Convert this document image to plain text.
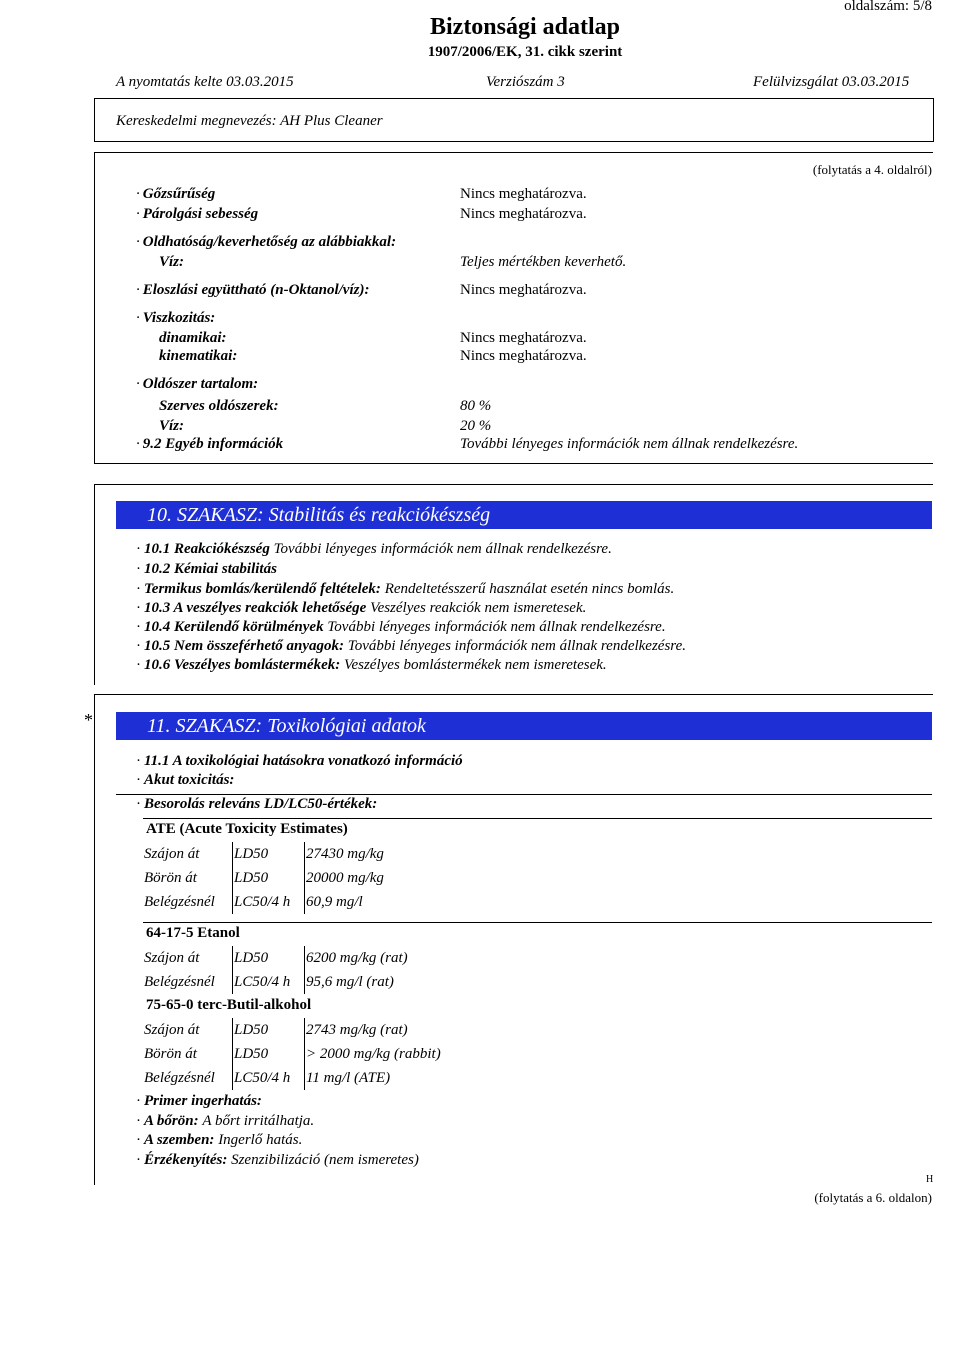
oldalszám: 5/8
Biztonsági adatlap
1907/2006/EK, 31. cikk szerint
A nyomtatás kelte 03.03.2015	Verziószám 3	Felülvizsgálat 03.03.2015
Kereskedelmi megnevezés: AH Plus Cleaner
(folytatás a 4. oldalról)
· Gőzsűrűség	Nincs meghatározva.
· Párolgási sebesség	Nincs meghatározva.
· Oldhatóság/keverhetőség az alábbiakkal:
Víz:	Teljes mértékben keverhető.
· Eloszlási együttható (n-Oktanol/víz):	Nincs meghatározva.
· Viszkozitás:
dinamikai:	Nincs meghatározva.
kinematikai:	Nincs meghatározva.
· Oldószer tartalom:
Szerves oldószerek:	80 %
Víz:	20 %
· 9.2 Egyéb információk	További lényeges információk nem állnak rendelkezésre.
10. SZAKASZ: Stabilitás és reakciókészség
· 10.1 Reakciókészség További lényeges információk nem állnak rendelkezésre.
· 10.2 Kémiai stabilitás
· Termikus bomlás/kerülendő feltételek: Rendeltetésszerű használat esetén nincs bomlás.
· 10.3 A veszélyes reakciók lehetősége Veszélyes reakciók nem ismeretesek.
· 10.4 Kerülendő körülmények További lényeges információk nem állnak rendelkezésre.
· 10.5 Nem összeférhető anyagok: További lényeges információk nem állnak rendelkezésre.
· 10.6 Veszélyes bomlástermékek: Veszélyes bomlástermékek nem ismeretesek.
*	11. SZAKASZ: Toxikológiai adatok
· 11.1 A toxikológiai hatásokra vonatkozó információ
· Akut toxicitás:
· Besorolás releváns LD/LC50-értékek:
ATE (Acute Toxicity Estimates)
Szájon át	LD50	27430 mg/kg
Börön át	LD50	20000 mg/kg
Belégzésnél	LC50/4 h	60,9 mg/l
64-17-5 Etanol
Szájon át	LD50	6200 mg/kg (rat)
Belégzésnél	LC50/4 h	95,6 mg/l (rat)
75-65-0 terc-Butil-alkohol
Szájon át	LD50	2743 mg/kg (rat)
Börön át	LD50	> 2000 mg/kg (rabbit)
Belégzésnél	LC50/4 h	11 mg/l (ATE)
· Primer ingerhatás:
· A bőrön: A bőrt irritálhatja.
· A szemben: Ingerlő hatás.
· Érzékenyítés: Szenzibilizáció (nem ismeretes)
H
(folytatás a 6. oldalon)
